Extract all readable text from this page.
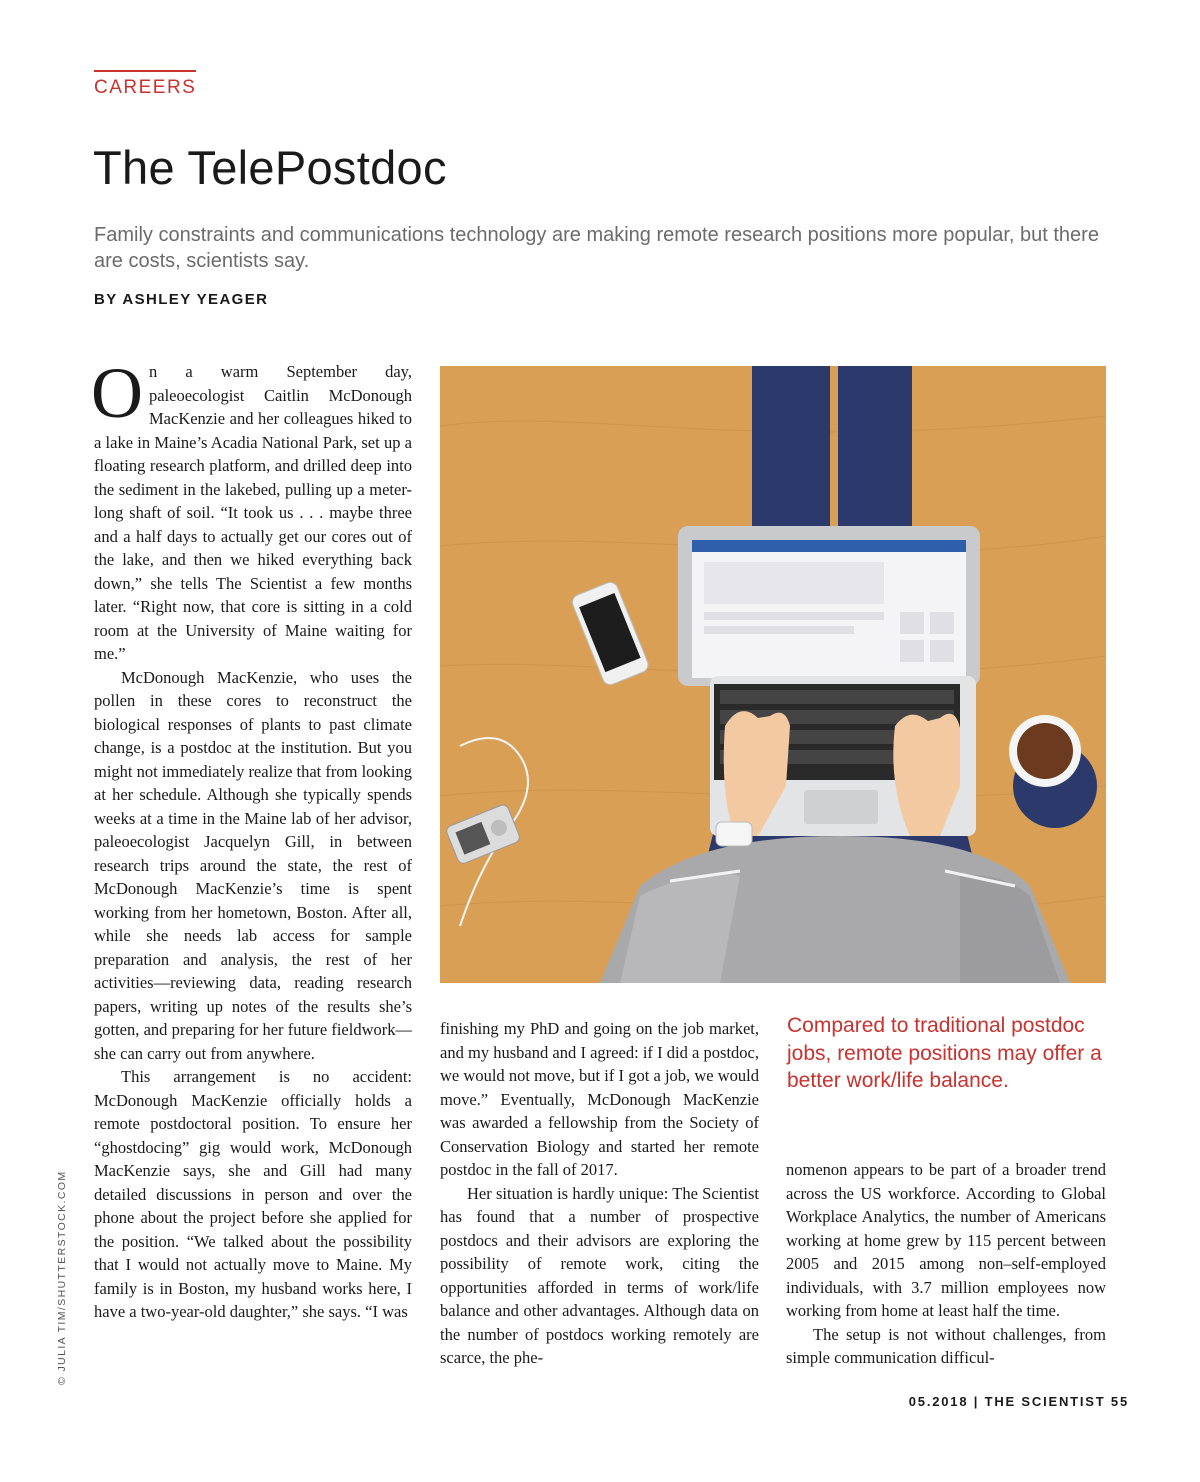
CAREERS
The TelePostdoc
Family constraints and communications technology are making remote research positions more popular, but there are costs, scientists say.
BY ASHLEY YEAGER

On a warm September day, paleoecologist Caitlin McDonough MacKenzie and her colleagues hiked to a lake in Maine’s Acadia National Park, set up a floating research platform, and drilled deep into the sediment in the lakebed, pulling up a meter-long shaft of soil. “It took us . . . maybe three and a half days to actually get our cores out of the lake, and then we hiked everything back down,” she tells The Scientist a few months later. “Right now, that core is sitting in a cold room at the University of Maine waiting for me.”

McDonough MacKenzie, who uses the pollen in these cores to reconstruct the biological responses of plants to past climate change, is a postdoc at the institution. But you might not immediately realize that from looking at her schedule. Although she typically spends weeks at a time in the Maine lab of her advisor, paleoecologist Jacquelyn Gill, in between research trips around the state, the rest of McDonough MacKenzie’s time is spent working from her hometown, Boston. After all, while she needs lab access for sample preparation and analysis, the rest of her activities—reviewing data, reading research papers, writing up notes of the results she’s gotten, and preparing for her future fieldwork—she can carry out from anywhere.

This arrangement is no accident: McDonough MacKenzie officially holds a remote postdoctoral position. To ensure her “ghostdocing” gig would work, McDonough MacKenzie says, she and Gill had many detailed discussions in person and over the phone about the project before she applied for the position. “We talked about the possibility that I would not actually move to Maine. My family is in Boston, my husband works here, I have a two-year-old daughter,” she says. “I was

finishing my PhD and going on the job market, and my husband and I agreed: if I did a postdoc, we would not move, but if I got a job, we would move.” Eventually, McDonough MacKenzie was awarded a fellowship from the Society of Conservation Biology and started her remote postdoc in the fall of 2017.

Her situation is hardly unique: The Scientist has found that a number of prospective postdocs and their advisors are exploring the possibility of remote work, citing the opportunities afforded in terms of work/life balance and other advantages. Although data on the number of postdocs working remotely are scarce, the phe-

Compared to traditional postdoc jobs, remote positions may offer a better work/life balance.

nomenon appears to be part of a broader trend across the US workforce. According to Global Workplace Analytics, the number of Americans working at home grew by 115 percent between 2005 and 2015 among non–self-employed individuals, with 3.7 million employees now working from home at least half the time.

The setup is not without challenges, from simple communication difficul-

© JULIA TIM/SHUTTERSTOCK.COM
05.2018 | THE SCIENTIST 55
